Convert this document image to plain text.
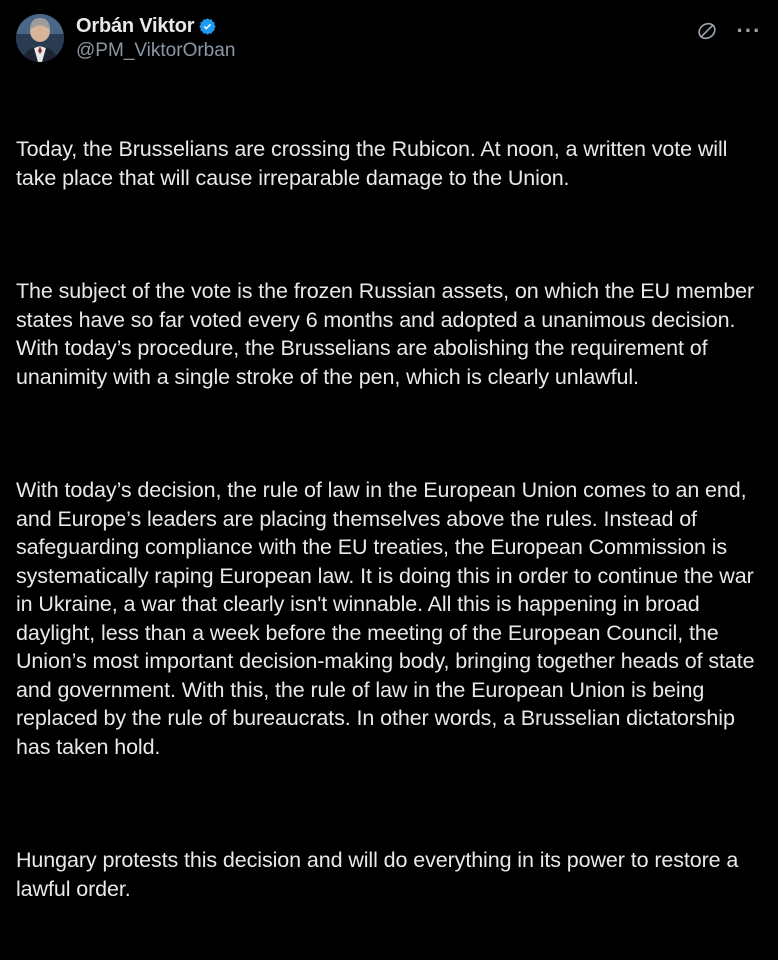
Orbán Viktor
@PM_ViktorOrban
···

Today, the Brusselians are crossing the Rubicon. At noon, a written vote will take place that will cause irreparable damage to the Union.

The subject of the vote is the frozen Russian assets, on which the EU member states have so far voted every 6 months and adopted a unanimous decision. With today’s procedure, the Brusselians are abolishing the requirement of unanimity with a single stroke of the pen, which is clearly unlawful.

With today’s decision, the rule of law in the European Union comes to an end, and Europe’s leaders are placing themselves above the rules. Instead of safeguarding compliance with the EU treaties, the European Commission is systematically raping European law. It is doing this in order to continue the war in Ukraine, a war that clearly isn't winnable. All this is happening in broad daylight, less than a week before the meeting of the European Council, the Union’s most important decision-making body, bringing together heads of state and government. With this, the rule of law in the European Union is being replaced by the rule of bureaucrats. In other words, a Brusselian dictatorship has taken hold.

Hungary protests this decision and will do everything in its power to restore a lawful order.
